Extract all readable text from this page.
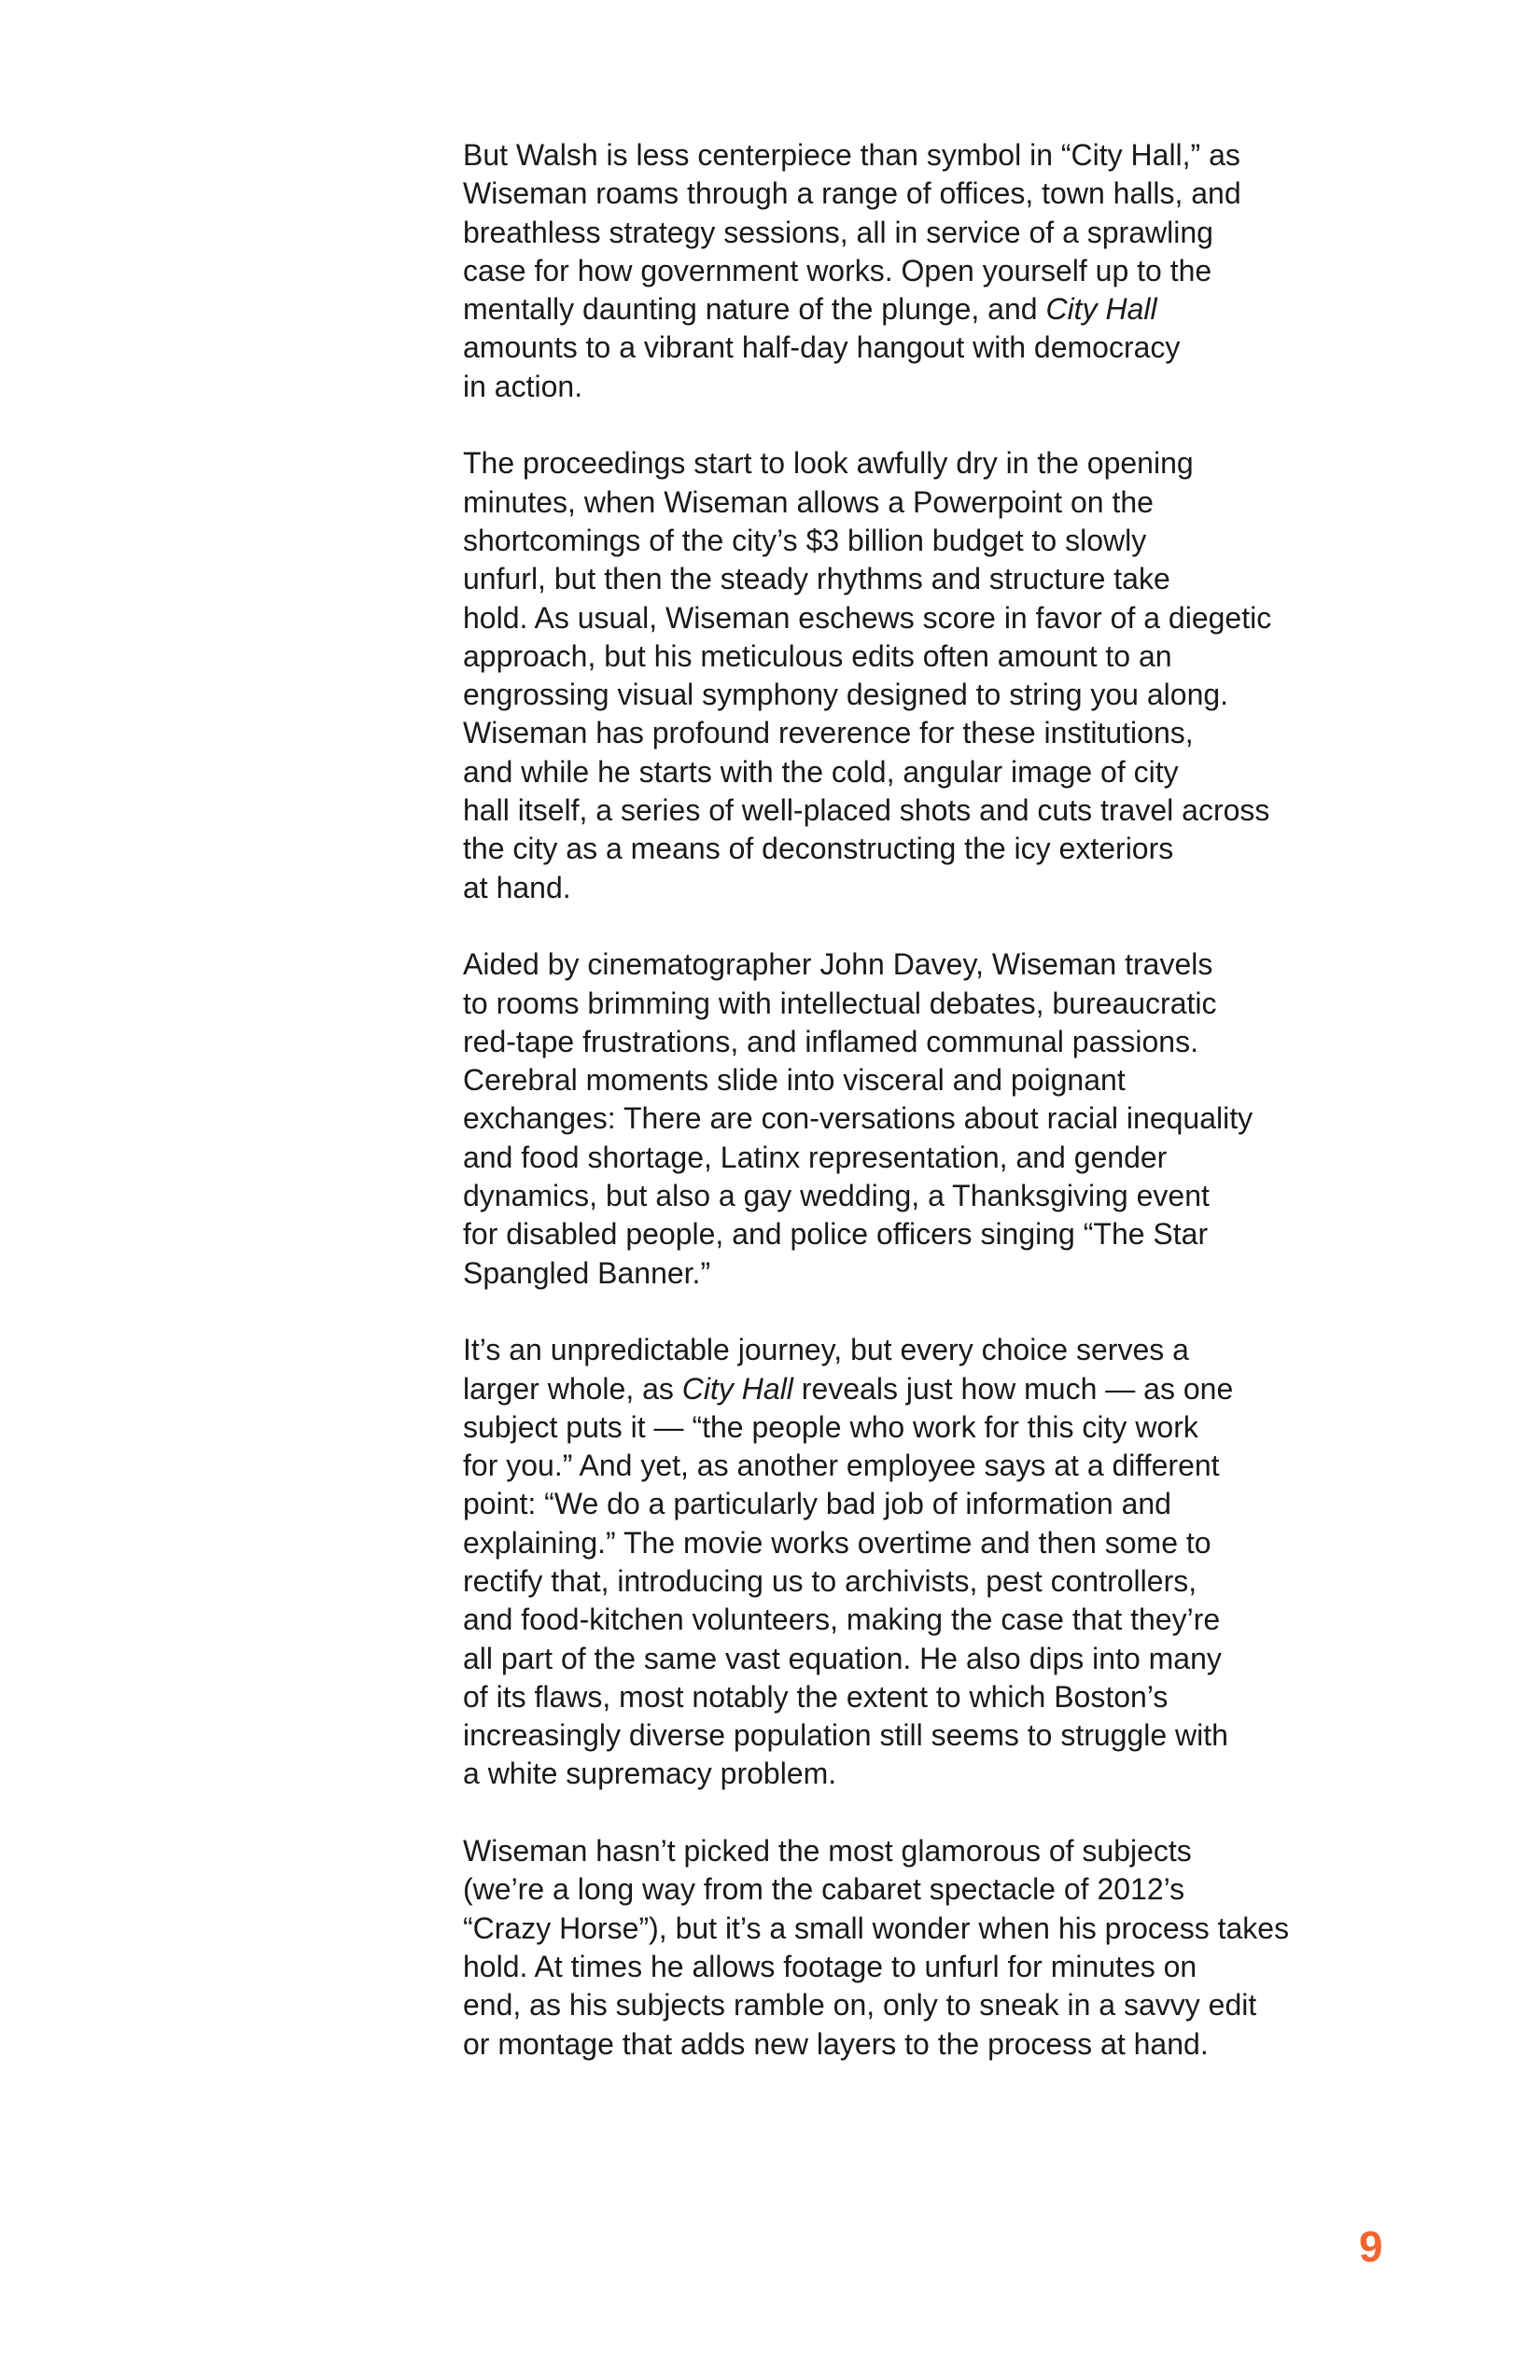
But Walsh is less centerpiece than symbol in “City Hall,” as
Wiseman roams through a range of offices, town halls, and
breathless strategy sessions, all in service of a sprawling
case for how government works. Open yourself up to the
mentally daunting nature of the plunge, and City Hall
amounts to a vibrant half-day hangout with democracy
in action.

The proceedings start to look awfully dry in the opening
minutes, when Wiseman allows a Powerpoint on the
shortcomings of the city’s $3 billion budget to slowly
unfurl, but then the steady rhythms and structure take
hold. As usual, Wiseman eschews score in favor of a diegetic
approach, but his meticulous edits often amount to an
engrossing visual symphony designed to string you along.
Wiseman has profound reverence for these institutions,
and while he starts with the cold, angular image of city
hall itself, a series of well-placed shots and cuts travel across
the city as a means of deconstructing the icy exteriors
at hand.

Aided by cinematographer John Davey, Wiseman travels
to rooms brimming with intellectual debates, bureaucratic
red-tape frustrations, and inflamed communal passions.
Cerebral moments slide into visceral and poignant
exchanges: There are con-versations about racial inequality
and food shortage, Latinx representation, and gender
dynamics, but also a gay wedding, a Thanksgiving event
for disabled people, and police officers singing “The Star
Spangled Banner.”

It’s an unpredictable journey, but every choice serves a
larger whole, as City Hall reveals just how much — as one
subject puts it — “the people who work for this city work
for you.” And yet, as another employee says at a different
point: “We do a particularly bad job of information and
explaining.” The movie works overtime and then some to
rectify that, introducing us to archivists, pest controllers,
and food-kitchen volunteers, making the case that they’re
all part of the same vast equation. He also dips into many
of its flaws, most notably the extent to which Boston’s
increasingly diverse population still seems to struggle with
a white supremacy problem.

Wiseman hasn’t picked the most glamorous of subjects
(we’re a long way from the cabaret spectacle of 2012’s
“Crazy Horse”), but it’s a small wonder when his process takes
hold. At times he allows footage to unfurl for minutes on
end, as his subjects ramble on, only to sneak in a savvy edit
or montage that adds new layers to the process at hand.

9
